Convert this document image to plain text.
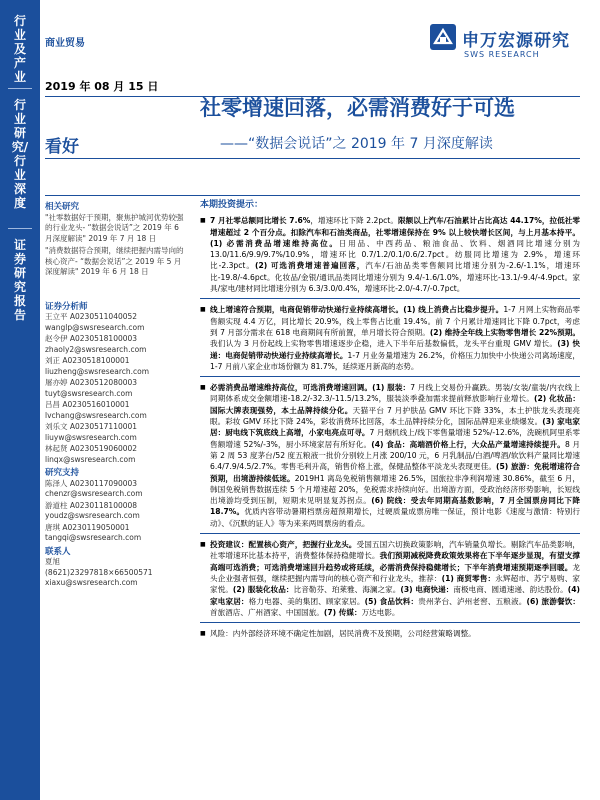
行业及产业
行业研究/行业深度
证券研究报告
商业贸易	申万宏源研究
SWS RESEARCH
2019 年 08 月 15 日
社零增速回落，必需消费好于可选
看好	——“数据会说话”之 2019 年 7 月深度解读
相关研究
"社零数据好于预期，聚焦护城河优势较强的行业龙头- “数据会说话”之 2019 年 6 月深度解读" 2019 年 7 月 18 日
"消费数据符合预期，继续把握内需导向的核心资产- “数据会说话”之 2019 年 5 月深度解读" 2019 年 6 月 18 日
证券分析师
王立平 A0230511040052
wanglp@swsresearch.com
赵令伊 A0230518100003
zhaoly2@swsresearch.com
刘正 A0230518100001
liuzheng@swsresearch.com
屠亦婷 A0230512080003
tuyt@swsresearch.com
吕昌 A0230516010001
lvchang@swsresearch.com
刘乐文 A0230517110001
liuyw@swsresearch.com
林起贤 A0230519060002
linqx@swsresearch.com
研究支持
陈泽人 A0230117090003
chenzr@swsresearch.com
游道柱 A0230118100008
youdz@swsresearch.com
唐琪 A0230119050001
tangqi@swsresearch.com
联系人
夏旭
(8621)23297818×66500571
xiaxu@swsresearch.com
本期投资提示：
■ 7 月社零总额同比增长 7.6%，增速环比下降 2.2pct。限额以上汽车/石油累计占比高达 44.17%，拉低社零增速超过 2 个百分点。扣除汽车和石油类商品，社零增速保持在 9% 以上较快增长区间，与上月基本持平。(1) 必需消费品增速维持高位。日用品、中西药品、粮油食品、饮料、烟酒同比增速分别为 13.0/11.6/9.9/9.7%/10.9%，增速环比 0.7/1.2/0.1/0.6/2.7pct。纺服同比增速为 2.9%，增速环比-2.3pct。(2) 可选消费增速普遍回落，汽车/石油品类零售额同比增速分别为-2.6/-1.1%，增速环比-19.8/-4.6pct。化妆品/金银/通讯品类同比增速分别为 9.4/-1.6/1.0%，增速环比-13.1/-9.4/-4.9pct。家具/家电/建材同比增速分别为 6.3/3.0/0.4%，增速环比-2.0/-4.7/-0.7pct。
■ 线上增速符合预期，电商促销带动快递行业持续高增长。(1) 线上消费占比稳步提升。1-7 月网上实物商品零售额实现 4.4 万亿，同比增长 20.9%，线上零售占比重 19.4%。前 7 个月累计增速同比下降 0.7pct，考虑到 7 月部分需求在 618 电商期间有所前置，单月增长符合预期。(2) 维持全年线上实物零售增长 22%预期。我们认为 3 月份起线上实物零售增速逐步企稳，进入下半年后基数偏低，龙头平台重现 GMV 增长。(3) 快递：电商促销带动快递行业持续高增长。1-7 月业务量增速为 26.2%，价格压力加快中小快递公司离场速度，1-7 月前八家企业市场份额为 81.7%，延续逐月新高的态势。
■ 必需消费品增速维持高位，可选消费增速回调。(1) 服装：7 月线上交易份升赢跌。男装/女装/童装/内衣线上同期体系成交金额增速-18.2/-32.3/-11.5/13.2%，服装淡季叠加需求提前释放影响行业增长。(2) 化妆品：国际大牌表现强势，本土品牌持续分化。天猫平台 7 月护肤品 GMV 环比下降 33%，本土护肤龙头表现亮眼。彩妆 GMV 环比下降 24%，彩妆消费环比回落，本土品牌持续分化，国际品牌迎来业绩爆发。(3) 家电家居：厨电线下筑底线上高增，小家电亮点可寻。7 月烟机线上/线下零售量增速 52%/-12.6%，洗碗机阿里系零售额增速 52%/-3%，厨小环境家居有所好化。(4) 食品：高端酒价格上行，大众品产量增速持续提升。8 月第 2 周 53 度茅台/52 度五粮液一批价分别较上月涨 200/10 元，6 月乳制品/白酒/啤酒/软饮料产量同比增速 6.4/7.9/4.5/2.7%。零售毛利升高，销售价格上涨，保健品整体平淡龙头表现更佳。(5) 旅游：免税增速符合预期，出境游持续低迷。2019H1 离岛免税销售额增速 26.5%，国旅拉非净利润增速 30.86%，截至 6 月，韩国免税销售数据连续 5 个月增速超 20%，免税需求持续向好。出境游方面，受政治经济形势影响，长短线出境游均受到压制，短期未见明显复苏拐点。(6) 院线：受去年同期高基数影响，7 月全国票房同比下降 18.7%。优质内容带动暑期档票房超预期增长，过硬质量成票房唯一保证，预计电影《速度与激情：特别行动》、《沉默的证人》等为来来两周票房的看点。
■ 投资建议：配置核心资产，把握行业龙头。受国五国六切换政策影响，汽车销量负增长。剔除汽车品类影响，社零增速环比基本持平，消费整体保持稳健增长。我们预期减税降费政策效果将在下半年逐步显现，有望支撑高端可选消费；可选消费增速回升趋势或将延续，必需消费保持稳健增长；下半年消费增速预期逐季回暖。龙头企业强者恒强，继续把握内需导向的核心资产和行业龙头，推荐：(1) 商贸零售：永辉超市、苏宁易购、家家悦。(2) 服装化妆品：比音勒芬、珀莱雅、海澜之家。(3) 电商快递：南极电商、圆通速递、韵达股份。(4) 家电家居：格力电器、美的集团、顾家家居。(5) 食品饮料：贵州茅台、泸州老窖、五粮液。(6) 旅游餐饮：首旅酒店、广州酒家、中国国旅。(7) 传媒：万达电影。
■ 风险：内外部经济环境不确定性加剧，居民消费不及预期，公司经营策略调整。
